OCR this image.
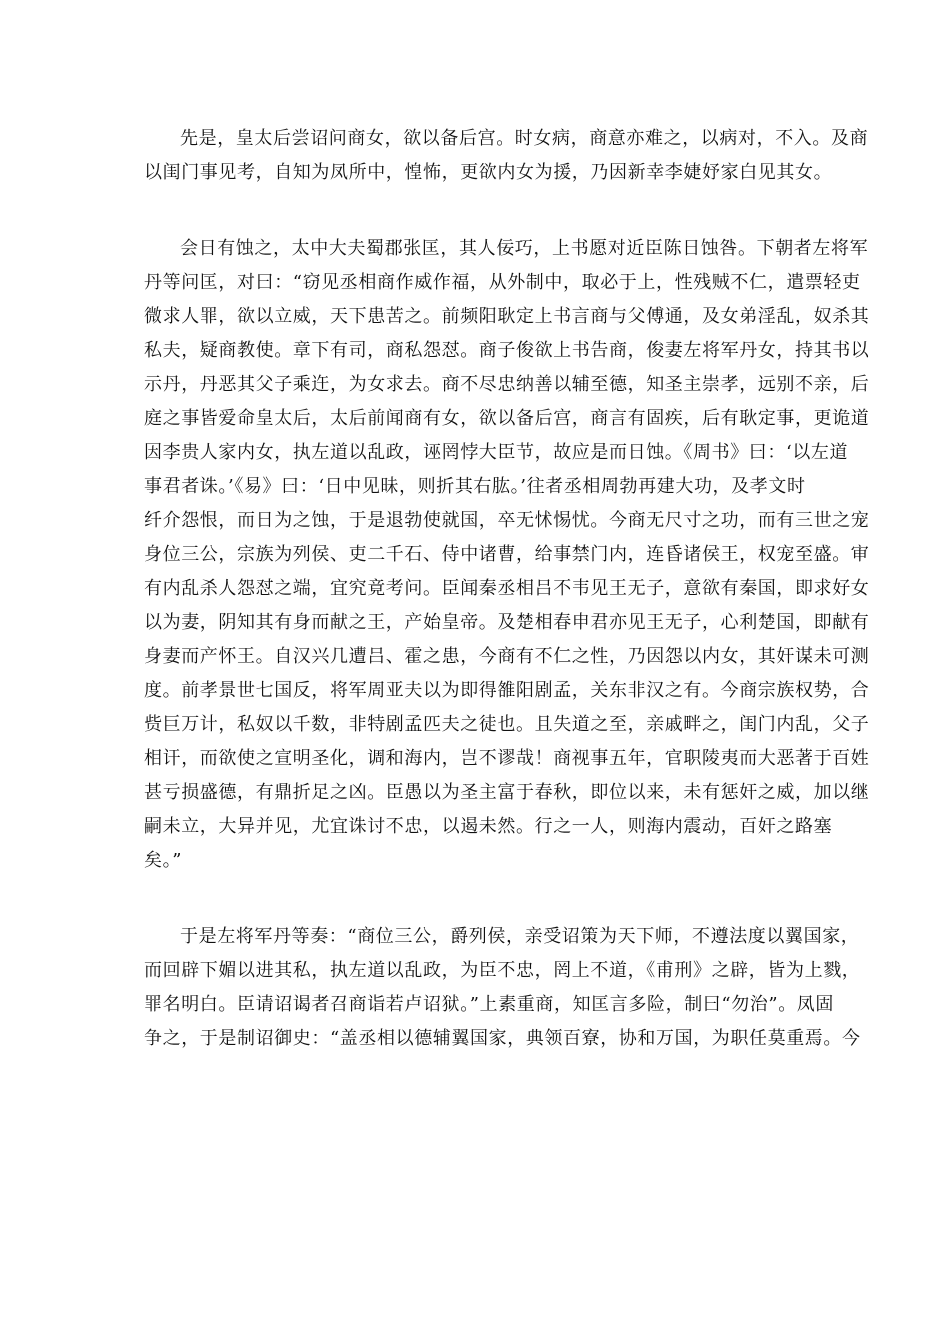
先是，皇太后尝诏问商女，欲以备后宫。时女病，商意亦难之，以病对，不入。及商
以闺门事见考，自知为凤所中，惶怖，更欲内女为援，乃因新幸李婕妤家白见其女。
会日有蚀之，太中大夫蜀郡张匡，其人佞巧，上书愿对近臣陈日蚀咎。下朝者左将军
丹等问匡，对曰：“窃见丞相商作威作福，从外制中，取必于上，性残贼不仁，遣票轻吏
微求人罪，欲以立威，天下患苦之。前频阳耿定上书言商与父傅通，及女弟淫乱，奴杀其
私夫，疑商教使。章下有司，商私怨怼。商子俊欲上书告商，俊妻左将军丹女，持其书以
示丹，丹恶其父子乘迕，为女求去。商不尽忠纳善以辅至德，知圣主崇孝，远别不亲，后
庭之事皆爱命皇太后，太后前闻商有女，欲以备后宫，商言有固疾，后有耿定事，更诡道
因李贵人家内女，执左道以乱政，诬罔悖大臣节，故应是而日蚀。《周书》曰：‘以左道
事君者诛。’《易》曰：‘日中见昧，则折其右肱。’往者丞相周勃再建大功，及孝文时
纤介怨恨，而日为之蚀，于是退勃使就国，卒无怵惕忧。今商无尺寸之功，而有三世之宠
身位三公，宗族为列侯、吏二千石、侍中诸曹，给事禁门内，连昏诸侯王，权宠至盛。审
有内乱杀人怨怼之端，宜究竟考问。臣闻秦丞相吕不韦见王无子，意欲有秦国，即求好女
以为妻，阴知其有身而献之王，产始皇帝。及楚相春申君亦见王无子，心利楚国，即献有
身妻而产怀王。自汉兴几遭吕、霍之患，今商有不仁之性，乃因怨以内女，其奸谋未可测
度。前孝景世七国反，将军周亚夫以为即得雒阳剧孟，关东非汉之有。今商宗族权势，合
赀巨万计，私奴以千数，非特剧孟匹夫之徒也。且失道之至，亲戚畔之，闺门内乱，父子
相讦，而欲使之宣明圣化，调和海内，岂不谬哉！商视事五年，官职陵夷而大恶著于百姓
甚亏损盛德，有鼎折足之凶。臣愚以为圣主富于春秋，即位以来，未有惩奸之威，加以继
嗣未立，大异并见，尤宜诛讨不忠，以遏未然。行之一人，则海内震动，百奸之路塞
矣。”
于是左将军丹等奏：“商位三公，爵列侯，亲受诏策为天下师，不遵法度以翼国家，
而回辟下媚以进其私，执左道以乱政，为臣不忠，罔上不道，《甫刑》之辟，皆为上戮，
罪名明白。臣请诏谒者召商诣若卢诏狱。”上素重商，知匡言多险，制曰“勿治”。凤固
争之，于是制诏御史：“盖丞相以德辅翼国家，典领百寮，协和万国，为职任莫重焉。今
